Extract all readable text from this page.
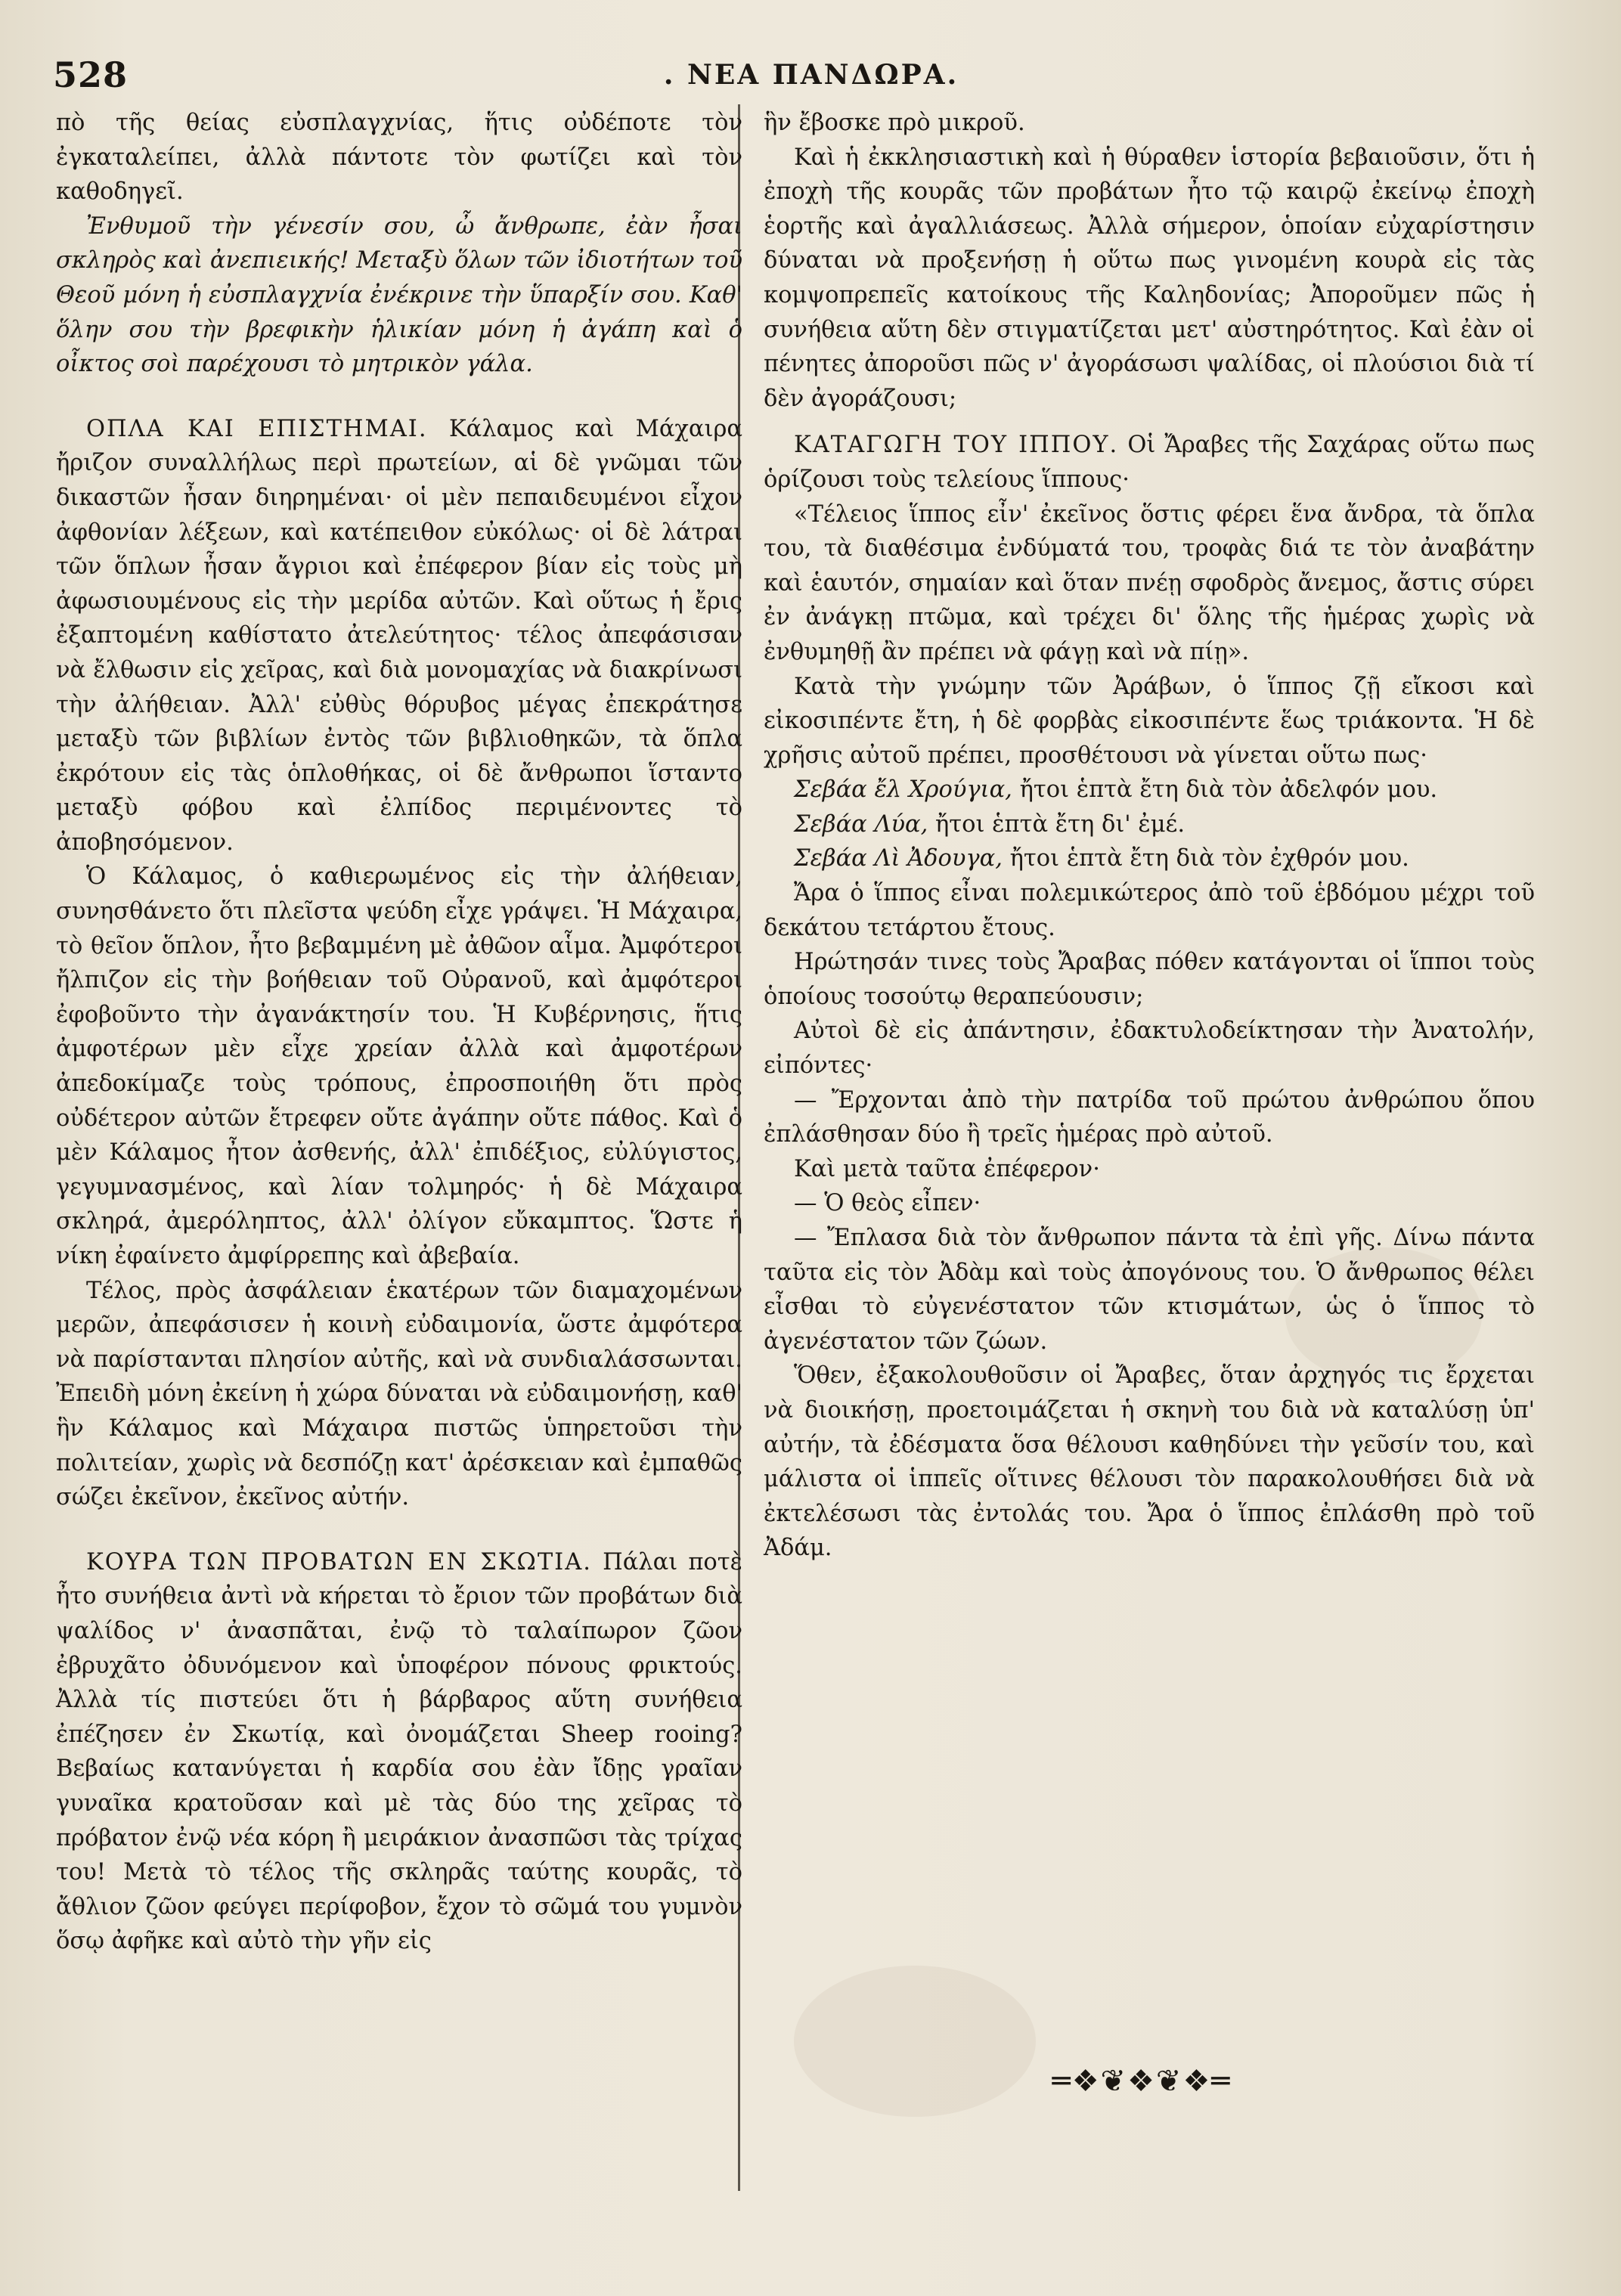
528	. ΝΕΑ ΠΑΝΔΩΡΑ.

πὸ τῆς θείας εὐσπλαγχνίας, ἥτις οὐδέποτε τὸν ἐγκαταλείπει, ἀλλὰ πάντοτε τὸν φωτίζει καὶ τὸν καθοδηγεῖ.

Ἐνθυμοῦ τὴν γένεσίν σου, ὦ ἄνθρωπε, ἐὰν ἦσαι σκληρὸς καὶ ἀνεπιεικής! Μεταξὺ ὅλων τῶν ἰδιοτήτων τοῦ Θεοῦ μόνη ἡ εὐσπλαγχνία ἐνέκρινε τὴν ὕπαρξίν σου. Καθ' ὅλην σου τὴν βρεφικὴν ἡλικίαν μόνη ἡ ἀγάπη καὶ ὁ οἶκτος σοὶ παρέχουσι τὸ μητρικὸν γάλα.

ΟΠΛΑ ΚΑΙ ΕΠΙΣΤΗΜΑΙ. Κάλαμος καὶ Μάχαιρα ἤριζον συναλλήλως περὶ πρωτείων, αἱ δὲ γνῶμαι τῶν δικαστῶν ἦσαν διηρημέναι· οἱ μὲν πεπαιδευμένοι εἶχον ἀφθονίαν λέξεων, καὶ κατέπειθον εὐκόλως· οἱ δὲ λάτραι τῶν ὅπλων ἦσαν ἄγριοι καὶ ἐπέφερον βίαν εἰς τοὺς μὴ ἀφωσιουμένους εἰς τὴν μερίδα αὐτῶν. Καὶ οὕτως ἡ ἔρις ἐξαπτομένη καθίστατο ἀτελεύτητος· τέλος ἀπεφάσισαν νὰ ἔλθωσιν εἰς χεῖρας, καὶ διὰ μονομαχίας νὰ διακρίνωσι τὴν ἀλήθειαν. Ἀλλ' εὐθὺς θόρυβος μέγας ἐπεκράτησε μεταξὺ τῶν βιβλίων ἐντὸς τῶν βιβλιοθηκῶν, τὰ ὅπλα ἐκρότουν εἰς τὰς ὁπλοθήκας, οἱ δὲ ἄνθρωποι ἵσταντο μεταξὺ φόβου καὶ ἐλπίδος περιμένοντες τὸ ἀποβησόμενον.

Ὁ Κάλαμος, ὁ καθιερωμένος εἰς τὴν ἀλήθειαν, συνησθάνετο ὅτι πλεῖστα ψεύδη εἶχε γράψει. Ἡ Μάχαιρα, τὸ θεῖον ὅπλον, ἦτο βεβαμμένη μὲ ἀθῶον αἷμα. Ἀμφότεροι ἤλπιζον εἰς τὴν βοήθειαν τοῦ Οὐρανοῦ, καὶ ἀμφότεροι ἐφοβοῦντο τὴν ἀγανάκτησίν του. Ἡ Κυβέρνησις, ἥτις ἀμφοτέρων μὲν εἶχε χρείαν ἀλλὰ καὶ ἀμφοτέρων ἀπεδοκίμαζε τοὺς τρόπους, ἐπροσποιήθη ὅτι πρὸς οὐδέτερον αὐτῶν ἔτρεφεν οὔτε ἀγάπην οὔτε πάθος. Καὶ ὁ μὲν Κάλαμος ἦτον ἀσθενής, ἀλλ' ἐπιδέξιος, εὐλύγιστος, γεγυμνασμένος, καὶ λίαν τολμηρός· ἡ δὲ Μάχαιρα σκληρά, ἀμερόληπτος, ἀλλ' ὀλίγον εὔκαμπτος. Ὥστε ἡ νίκη ἐφαίνετο ἀμφίρρεπης καὶ ἀβεβαία.

Τέλος, πρὸς ἀσφάλειαν ἑκατέρων τῶν διαμαχομένων μερῶν, ἀπεφάσισεν ἡ κοινὴ εὐδαιμονία, ὥστε ἀμφότερα νὰ παρίστανται πλησίον αὐτῆς, καὶ νὰ συνδιαλάσσωνται. Ἐπειδὴ μόνη ἐκείνη ἡ χώρα δύναται νὰ εὐδαιμονήσῃ, καθ' ἣν Κάλαμος καὶ Μάχαιρα πιστῶς ὑπηρετοῦσι τὴν πολιτείαν, χωρὶς νὰ δεσπόζῃ κατ' ἀρέσκειαν καὶ ἐμπαθῶς σώζει ἐκεῖνον, ἐκεῖνος αὐτήν.

ΚΟΥΡΑ ΤΩΝ ΠΡΟΒΑΤΩΝ ΕΝ ΣΚΩΤΙΑ. Πάλαι ποτὲ ἦτο συνήθεια ἀντὶ νὰ κήρεται τὸ ἔριον τῶν προβάτων διὰ ψαλίδος ν' ἀνασπᾶται, ἐνῷ τὸ ταλαίπωρον ζῶον ἐβρυχᾶτο ὀδυνόμενον καὶ ὑποφέρον πόνους φρικτούς. Ἀλλὰ τίς πιστεύει ὅτι ἡ βάρβαρος αὕτη συνήθεια ἐπέζησεν ἐν Σκωτίᾳ, καὶ ὀνομάζεται Sheep rooing? Βεβαίως κατανύγεται ἡ καρδία σου ἐὰν ἴδῃς γραῖαν γυναῖκα κρατοῦσαν καὶ μὲ τὰς δύο της χεῖρας τὸ πρόβατον ἐνῷ νέα κόρη ἢ μειράκιον ἀνασπῶσι τὰς τρίχας του! Μετὰ τὸ τέλος τῆς σκληρᾶς ταύτης κουρᾶς, τὸ ἄθλιον ζῶον φεύγει περίφοβον, ἔχον τὸ σῶμά του γυμνὸν ὅσῳ ἀφῆκε καὶ αὐτὸ τὴν γῆν εἰς

ἣν ἔβοσκε πρὸ μικροῦ.

Καὶ ἡ ἐκκλησιαστικὴ καὶ ἡ θύραθεν ἱστορία βεβαιοῦσιν, ὅτι ἡ ἐποχὴ τῆς κουρᾶς τῶν προβάτων ἦτο τῷ καιρῷ ἐκείνῳ ἐποχὴ ἑορτῆς καὶ ἀγαλλιάσεως. Ἀλλὰ σήμερον, ὁποίαν εὐχαρίστησιν δύναται νὰ προξενήσῃ ἡ οὕτω πως γινομένη κουρὰ εἰς τὰς κομψοπρεπεῖς κατοίκους τῆς Καληδονίας; Ἀποροῦμεν πῶς ἡ συνήθεια αὕτη δὲν στιγματίζεται μετ' αὐστηρότητος. Καὶ ἐὰν οἱ πένητες ἀποροῦσι πῶς ν' ἀγοράσωσι ψαλίδας, οἱ πλούσιοι διὰ τί δὲν ἀγοράζουσι;

ΚΑΤΑΓΩΓΗ ΤΟΥ ΙΠΠΟΥ. Οἱ Ἄραβες τῆς Σαχάρας οὕτω πως ὁρίζουσι τοὺς τελείους ἵππους·

«Τέλειος ἵππος εἶν' ἐκεῖνος ὅστις φέρει ἕνα ἄνδρα, τὰ ὅπλα του, τὰ διαθέσιμα ἐνδύματά του, τροφὰς διά τε τὸν ἀναβάτην καὶ ἑαυτόν, σημαίαν καὶ ὅταν πνέῃ σφοδρὸς ἄνεμος, ἄστις σύρει ἐν ἀνάγκῃ πτῶμα, καὶ τρέχει δι' ὅλης τῆς ἡμέρας χωρὶς νὰ ἐνθυμηθῇ ἂν πρέπει νὰ φάγῃ καὶ νὰ πίῃ».

Κατὰ τὴν γνώμην τῶν Ἀράβων, ὁ ἵππος ζῇ εἴκοσι καὶ εἰκοσιπέντε ἔτη, ἡ δὲ φορβὰς εἰκοσιπέντε ἕως τριάκοντα. Ἡ δὲ χρῆσις αὐτοῦ πρέπει, προσθέτουσι νὰ γίνεται οὕτω πως·

Σεβάα ἔλ Χρούγια, ἤτοι ἑπτὰ ἔτη διὰ τὸν ἀδελφόν μου.

Σεβάα Λύα, ἤτοι ἑπτὰ ἔτη δι' ἐμέ.

Σεβάα Λὶ Ἀδουγα, ἤτοι ἑπτὰ ἔτη διὰ τὸν ἐχθρόν μου.

Ἄρα ὁ ἵππος εἶναι πολεμικώτερος ἀπὸ τοῦ ἑβδόμου μέχρι τοῦ δεκάτου τετάρτου ἔτους.

Ηρώτησάν τινες τοὺς Ἄραβας πόθεν κατάγονται οἱ ἵπποι τοὺς ὁποίους τοσούτῳ θεραπεύουσιν;

Αὐτοὶ δὲ εἰς ἀπάντησιν, ἐδακτυλοδείκτησαν τὴν Ἀνατολήν, εἰπόντες·

— Ἔρχονται ἀπὸ τὴν πατρίδα τοῦ πρώτου ἀνθρώπου ὅπου ἐπλάσθησαν δύο ἢ τρεῖς ἡμέρας πρὸ αὐτοῦ.

Καὶ μετὰ ταῦτα ἐπέφερον·

— Ὁ θεὸς εἶπεν·

— Ἔπλασα διὰ τὸν ἄνθρωπον πάντα τὰ ἐπὶ γῆς. Δίνω πάντα ταῦτα εἰς τὸν Ἀδὰμ καὶ τοὺς ἀπογόνους του. Ὁ ἄνθρωπος θέλει εἶσθαι τὸ εὐγενέστατον τῶν κτισμάτων, ὡς ὁ ἵππος τὸ ἀγενέστατον τῶν ζώων.

Ὅθεν, ἐξακολουθοῦσιν οἱ Ἄραβες, ὅταν ἀρχηγός τις ἔρχεται νὰ διοικήσῃ, προετοιμάζεται ἡ σκηνὴ του διὰ νὰ καταλύσῃ ὑπ' αὐτήν, τὰ ἐδέσματα ὅσα θέλουσι καθηδύνει τὴν γεῦσίν του, καὶ μάλιστα οἱ ἱππεῖς οἵτινες θέλουσι τὸν παρακολουθήσει διὰ νὰ ἐκτελέσωσι τὰς ἐντολάς του. Ἄρα ὁ ἵππος ἐπλάσθη πρὸ τοῦ Ἀδάμ.

═❖❦❖❦❖═
